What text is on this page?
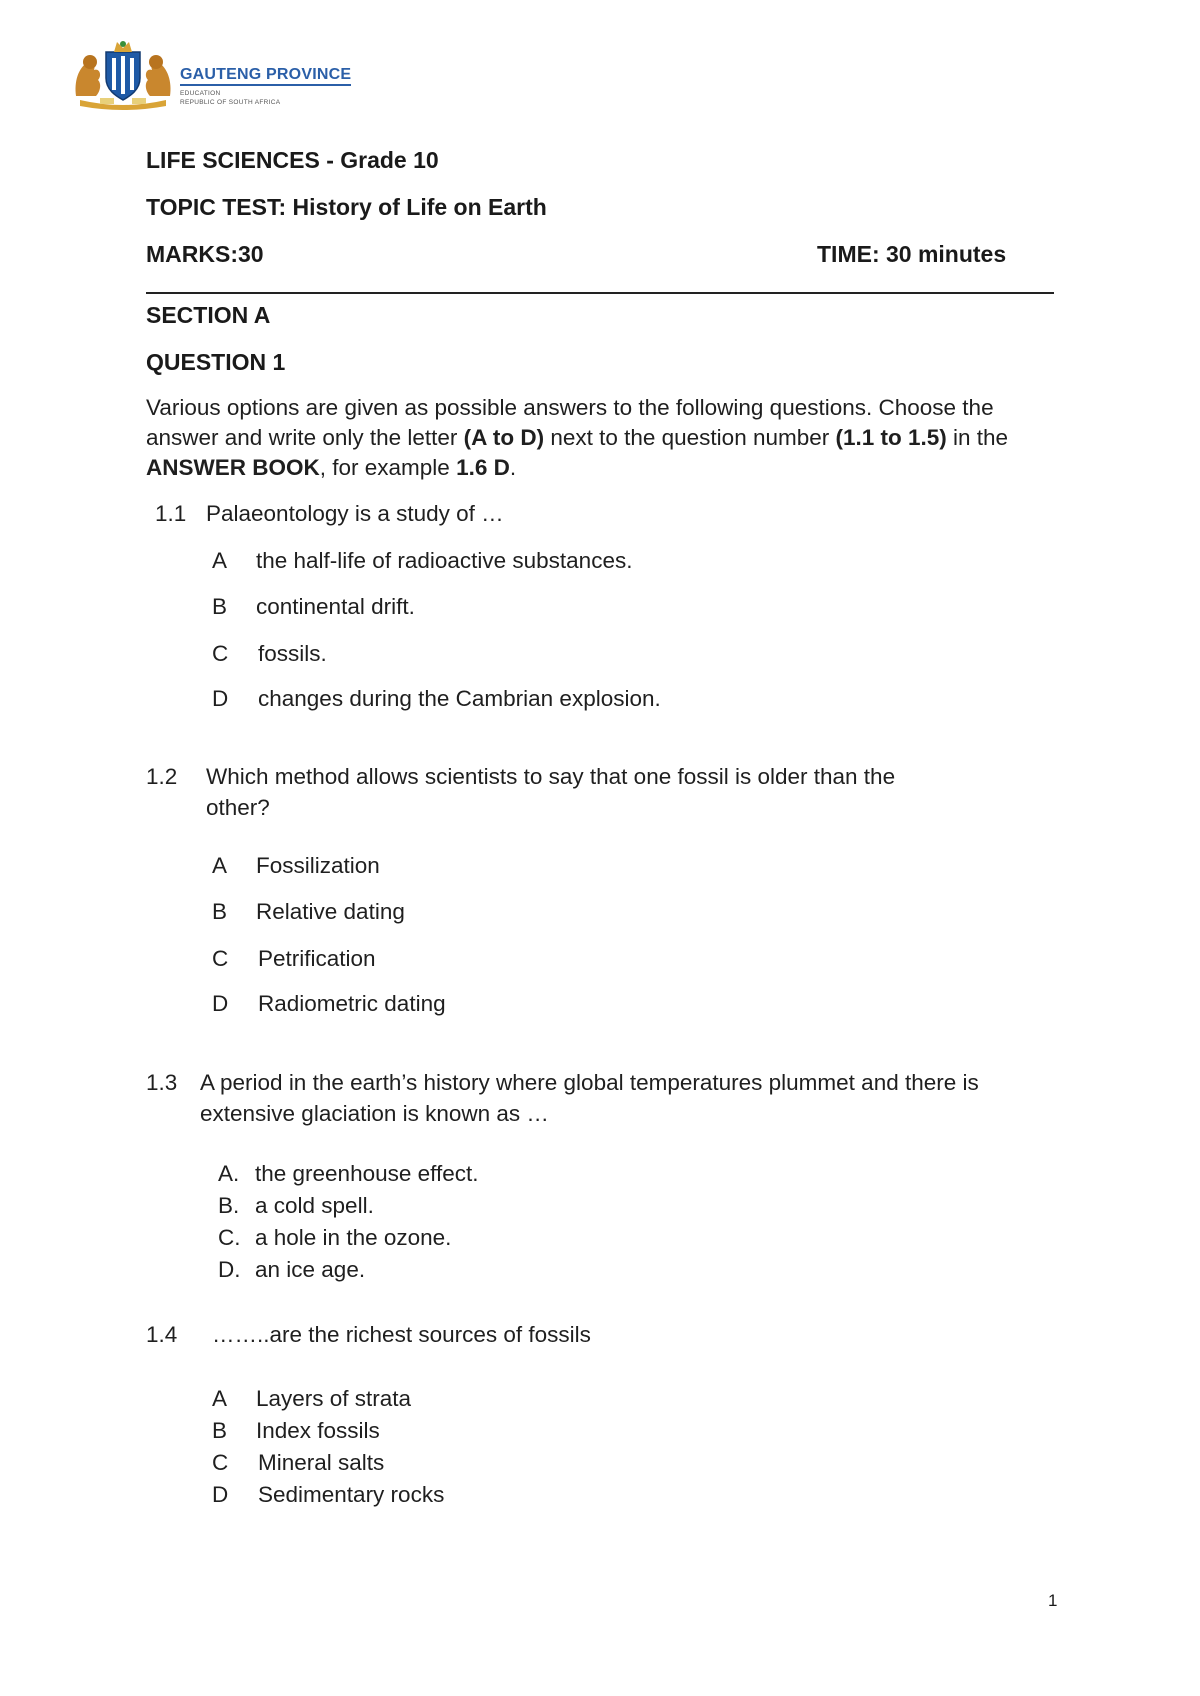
GAUTENG PROVINCE
EDUCATION
REPUBLIC OF SOUTH AFRICA
LIFE SCIENCES - Grade 10
TOPIC TEST: History of Life on Earth
MARKS:30	TIME: 30 minutes
SECTION A
QUESTION 1
Various options are given as possible answers to the following questions. Choose the answer and write only the letter (A to D) next to the question number (1.1 to 1.5) in the ANSWER BOOK, for example 1.6 D.
1.1 Palaeontology is a study of …
A the half-life of radioactive substances.
B continental drift.
C fossils.
D changes during the Cambrian explosion.
1.2 Which method allows scientists to say that one fossil is older than the
other?
A Fossilization
B Relative dating
C Petrification
D Radiometric dating
1.3 A period in the earth’s history where global temperatures plummet and there is
extensive glaciation is known as …
A. the greenhouse effect.
B. a cold spell.
C. a hole in the ozone.
D. an ice age.
1.4 ……..are the richest sources of fossils
A Layers of strata
B Index fossils
C Mineral salts
D Sedimentary rocks
1
